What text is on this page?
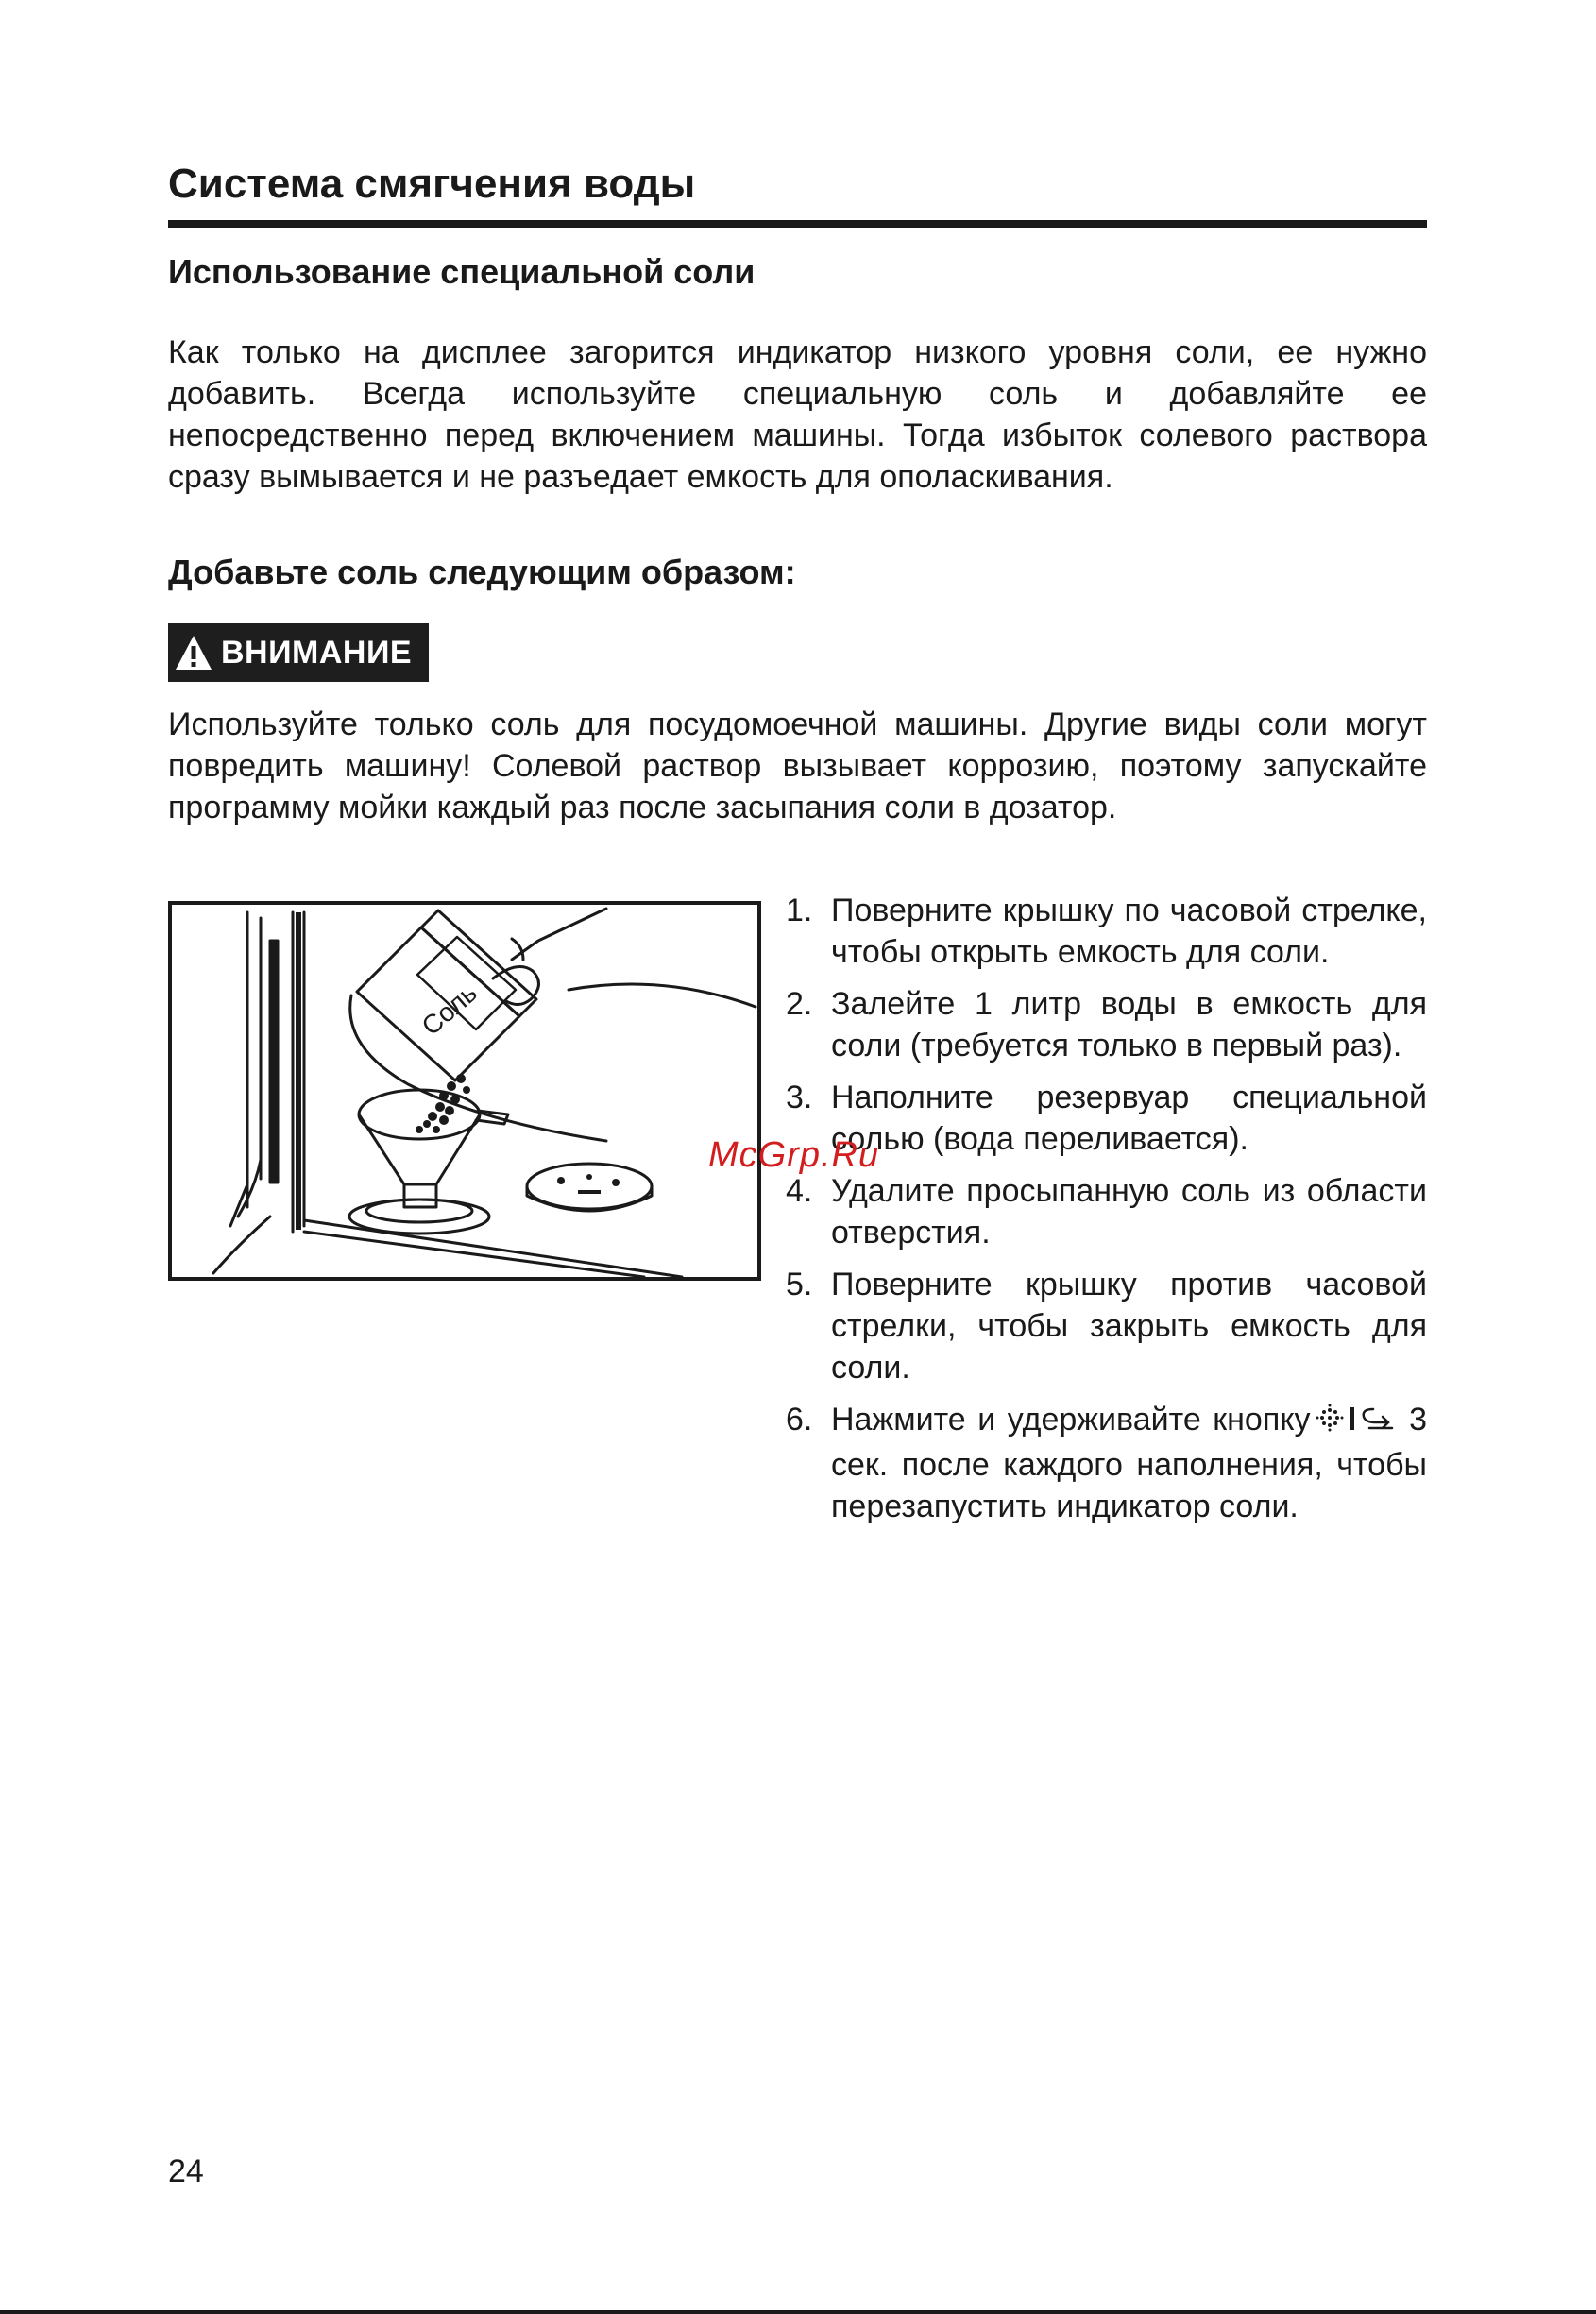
Система смягчения воды
Использование специальной соли

Как только на дисплее загорится индикатор низкого уровня соли, ее нужно добавить. Всегда используйте специальную соль и добавляйте ее непосредственно перед включением машины. Тогда избыток солевого раствора сразу вымывается и не разъедает емкость для ополаскивания.

Добавьте соль следующим образом:
ВНИМАНИЕ

Используйте только соль для посудомоечной машины. Другие виды соли могут повредить машину! Солевой раствор вызывает коррозию, поэтому запускайте программу мойки каждый раз после засыпания соли в дозатор.

Соль
1. Поверните крышку по часовой стрелке, чтобы открыть емкость для соли.
2. Залейте 1 литр воды в емкость для соли (требуется только в первый раз).
3. Наполните резервуар специальной солью (вода переливается).
4. Удалите просыпанную соль из области отверстия.
5. Поверните крышку против часовой стрелки, чтобы закрыть емкость для соли.
6. Нажмите и удерживайте кнопку	3 сек. после каждого наполнения, чтобы перезапустить индикатор соли.
McGrp.Ru
24
